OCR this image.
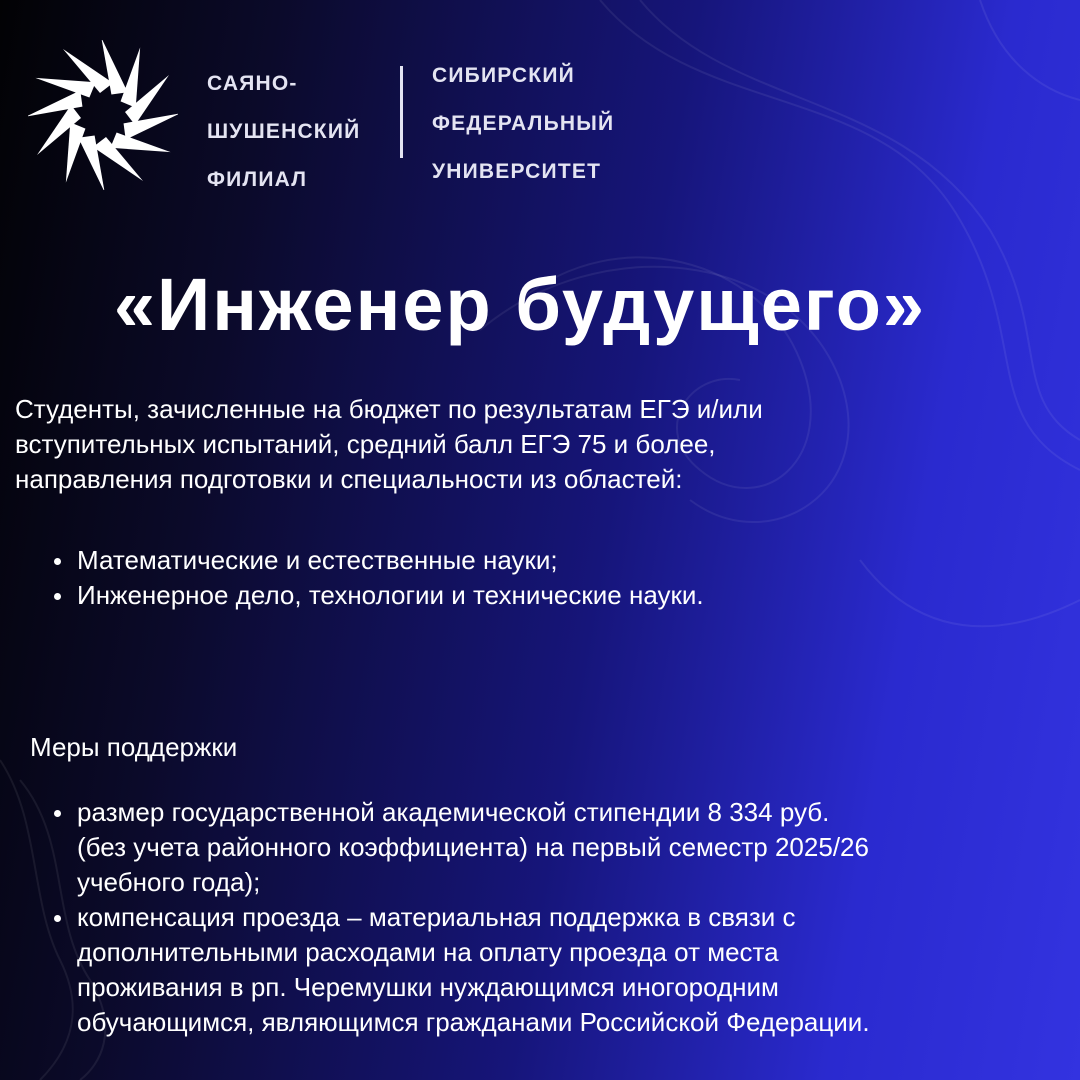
САЯНО-
ШУШЕНСКИЙ
ФИЛИАЛ
СИБИРСКИЙ
ФЕДЕРАЛЬНЫЙ
УНИВЕРСИТЕТ
«Инженер будущего»
Студенты, зачисленные на бюджет по результатам ЕГЭ и/или
вступительных испытаний, средний балл ЕГЭ 75 и более,
направления подготовки и специальности из областей:
Математические и естественные науки;
Инженерное дело, технологии и технические науки.
Меры поддержки
размер государственной академической стипендии 8 334 руб.
(без учета районного коэффициента) на первый семестр 2025/26
учебного года);
компенсация проезда – материальная поддержка в связи с
дополнительными расходами на оплату проезда от места
проживания в рп. Черемушки нуждающимся иногородним
обучающимся, являющимся гражданами Российской Федерации.
